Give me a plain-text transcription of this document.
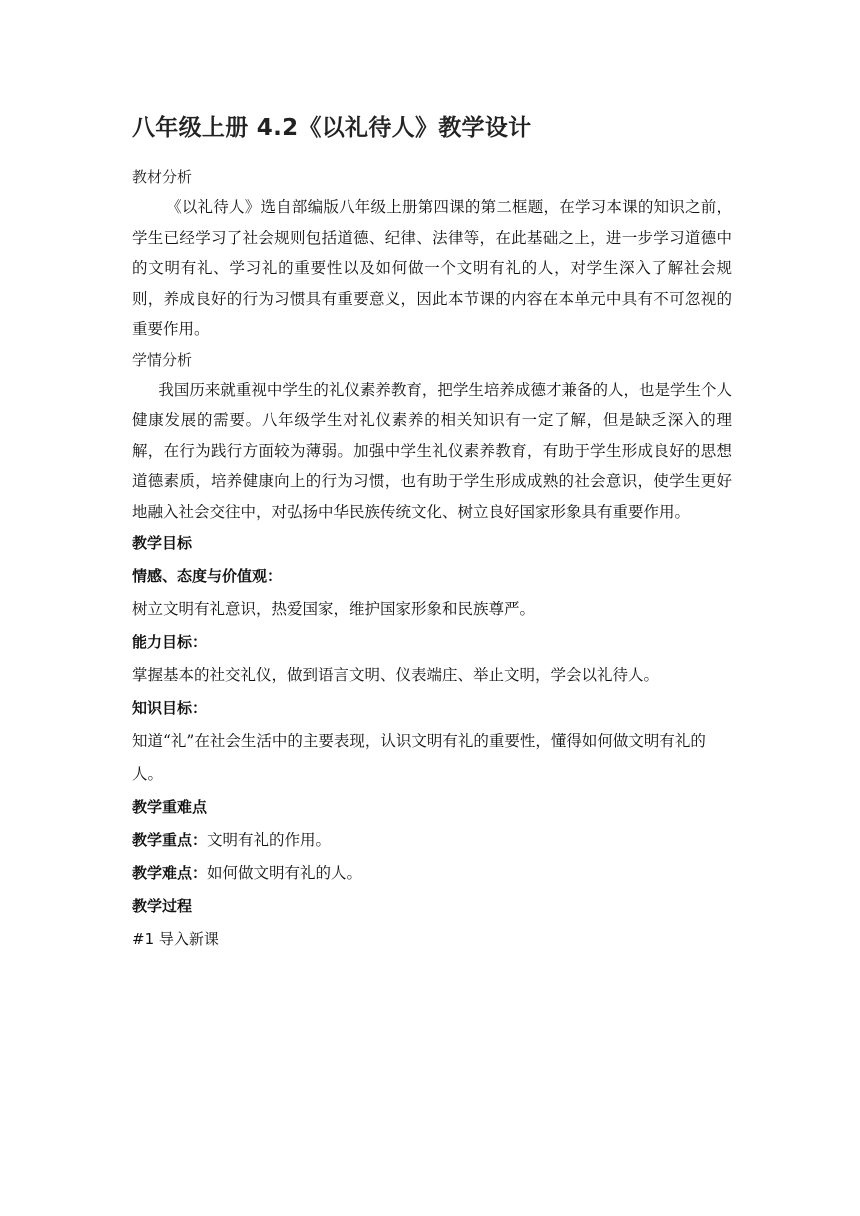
八年级上册 4.2《以礼待人》教学设计

教材分析

《以礼待人》选自部编版八年级上册第四课的第二框题，在学习本课的知识之前，学生已经学习了社会规则包括道德、纪律、法律等，在此基础之上，进一步学习道德中的文明有礼、学习礼的重要性以及如何做一个文明有礼的人，对学生深入了解社会规则，养成良好的行为习惯具有重要意义，因此本节课的内容在本单元中具有不可忽视的重要作用。

学情分析

我国历来就重视中学生的礼仪素养教育，把学生培养成德才兼备的人，也是学生个人健康发展的需要。八年级学生对礼仪素养的相关知识有一定了解，但是缺乏深入的理解，在行为践行方面较为薄弱。加强中学生礼仪素养教育，有助于学生形成良好的思想道德素质，培养健康向上的行为习惯，也有助于学生形成成熟的社会意识，使学生更好地融入社会交往中，对弘扬中华民族传统文化、树立良好国家形象具有重要作用。

教学目标

情感、态度与价值观：

树立文明有礼意识，热爱国家，维护国家形象和民族尊严。

能力目标：

掌握基本的社交礼仪，做到语言文明、仪表端庄、举止文明，学会以礼待人。

知识目标：

知道“礼”在社会生活中的主要表现，认识文明有礼的重要性，懂得如何做文明有礼的人。

教学重难点

教学重点：文明有礼的作用。

教学难点：如何做文明有礼的人。

教学过程

#1 导入新课
